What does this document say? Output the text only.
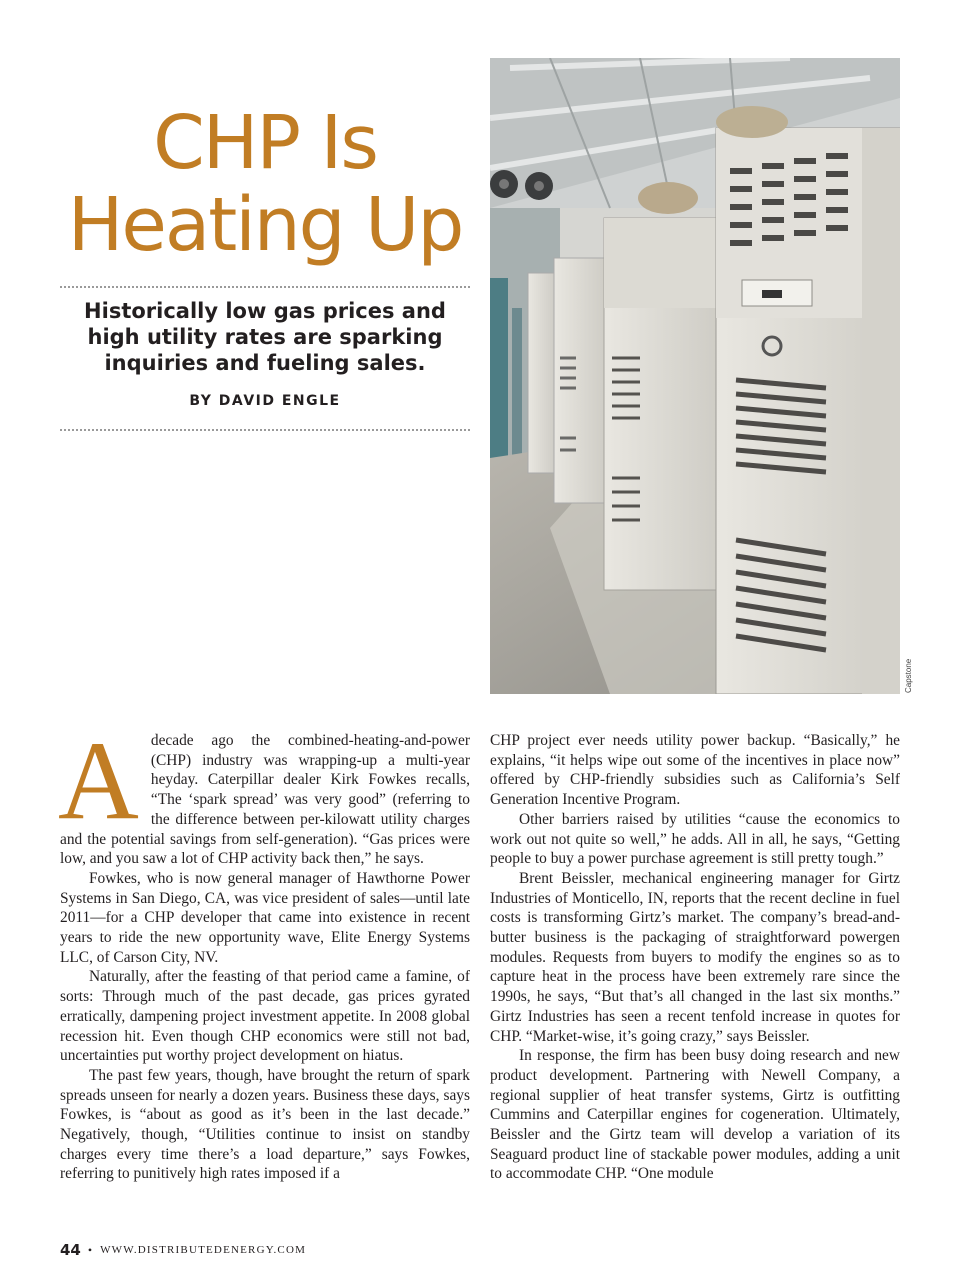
CHP Is
Heating Up

Historically low gas prices and high utility rates are sparking inquiries and fueling sales.

BY DAVID ENGLE

Capstone
A decade ago the combined-heating-and-power (CHP) industry was wrapping-up a multi-year heyday. Caterpillar dealer Kirk Fowkes recalls, “The ‘spark spread’ was very good” (referring to the difference between per-kilowatt utility charges and the potential savings from self-generation). “Gas prices were low, and you saw a lot of CHP activity back then,” he says.

Fowkes, who is now general manager of Hawthorne Power Systems in San Diego, CA, was vice president of sales—until late 2011—for a CHP developer that came into existence in recent years to ride the new opportunity wave, Elite Energy Systems LLC, of Carson City, NV.

Naturally, after the feasting of that period came a famine, of sorts: Through much of the past decade, gas prices gyrated erratically, dampening project investment appetite. In 2008 global recession hit. Even though CHP economics were still not bad, uncertainties put worthy project development on hiatus.

The past few years, though, have brought the return of spark spreads unseen for nearly a dozen years. Business these days, says Fowkes, is “about as good as it’s been in the last decade.” Negatively, though, “Utilities continue to insist on standby charges every time there’s a load departure,” says Fowkes, referring to punitively high rates imposed if a

CHP project ever needs utility power backup. “Basically,” he explains, “it helps wipe out some of the incentives in place now” offered by CHP-friendly subsidies such as California’s Self Generation Incentive Program.

Other barriers raised by utilities “cause the economics to work out not quite so well,” he adds. All in all, he says, “Getting people to buy a power purchase agreement is still pretty tough.”

Brent Beissler, mechanical engineering manager for Girtz Industries of Monticello, IN, reports that the recent decline in fuel costs is transforming Girtz’s market. The company’s bread-and-butter business is the packaging of straightforward powergen modules. Requests from buyers to modify the engines so as to capture heat in the process have been extremely rare since the 1990s, he says, “But that’s all changed in the last six months.” Girtz Industries has seen a recent tenfold increase in quotes for CHP. “Market-wise, it’s going crazy,” says Beissler.

In response, the firm has been busy doing research and new product development. Partnering with Newell Company, a regional supplier of heat transfer systems, Girtz is outfitting Cummins and Caterpillar engines for cogeneration. Ultimately, Beissler and the Girtz team will develop a variation of its Seaguard product line of stackable power modules, adding a unit to accommodate CHP. “One module

44 • WWW.DISTRIBUTEDENERGY.COM
